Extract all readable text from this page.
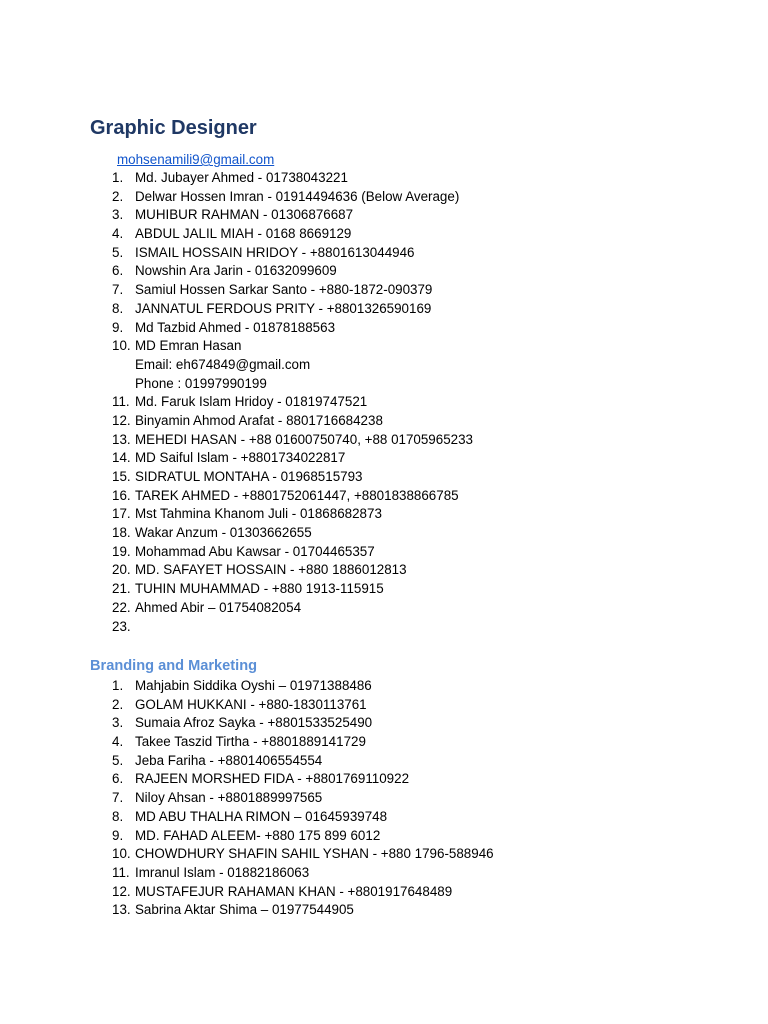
Graphic Designer
mohsenamili9@gmail.com
1. Md. Jubayer Ahmed - 01738043221
2. Delwar Hossen Imran - 01914494636 (Below Average)
3. MUHIBUR RAHMAN - 01306876687
4. ABDUL JALIL MIAH - 0168 8669129
5. ISMAIL HOSSAIN HRIDOY - +8801613044946
6. Nowshin Ara Jarin - 01632099609
7. Samiul Hossen Sarkar Santo - +880-1872-090379
8. JANNATUL FERDOUS PRITY - +8801326590169
9. Md Tazbid Ahmed - 01878188563
10. MD Emran Hasan
Email: eh674849@gmail.com
Phone : 01997990199
11. Md. Faruk Islam Hridoy - 01819747521
12. Binyamin Ahmod Arafat - 8801716684238
13. MEHEDI HASAN - +88 01600750740, +88 01705965233
14. MD Saiful Islam - +8801734022817
15. SIDRATUL MONTAHA - 01968515793
16. TAREK AHMED - +8801752061447, +8801838866785
17. Mst Tahmina Khanom Juli - 01868682873
18. Wakar Anzum - 01303662655
19. Mohammad Abu Kawsar - 01704465357
20. MD. SAFAYET HOSSAIN - +880 1886012813
21. TUHIN MUHAMMAD - +880 1913-115915
22. Ahmed Abir – 01754082054
23.
Branding and Marketing
1. Mahjabin Siddika Oyshi – 01971388486
2. GOLAM HUKKANI - +880-1830113761
3. Sumaia Afroz Sayka - +8801533525490
4. Takee Taszid Tirtha - +8801889141729
5. Jeba Fariha - +8801406554554
6. RAJEEN MORSHED FIDA - +8801769110922
7. Niloy Ahsan - +8801889997565
8. MD ABU THALHA RIMON – 01645939748
9. MD. FAHAD ALEEM- +880 175 899 6012
10. CHOWDHURY SHAFIN SAHIL YSHAN - +880 1796-588946
11. Imranul Islam - 01882186063
12. MUSTAFEJUR RAHAMAN KHAN - +8801917648489
13. Sabrina Aktar Shima – 01977544905
